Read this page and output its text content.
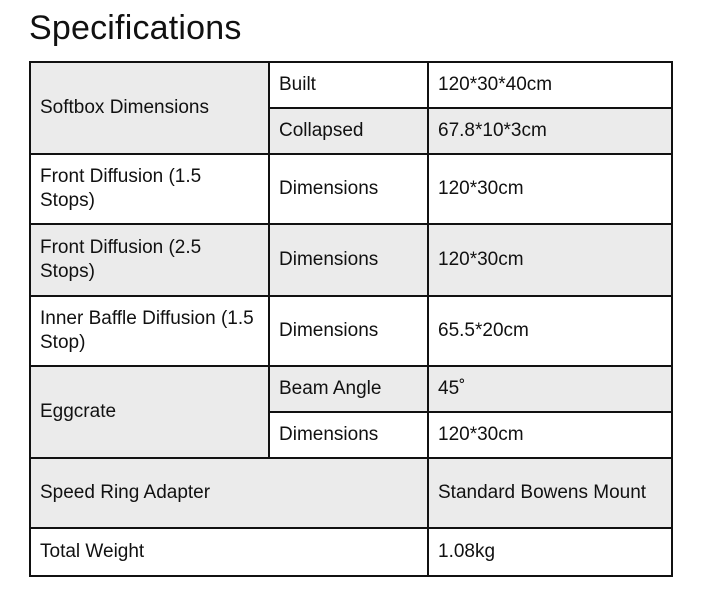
Specifications
Softbox Dimensions	Built	120*30*40cm
	Collapsed	67.8*10*3cm
Front Diffusion (1.5 Stops)	Dimensions	120*30cm
Front Diffusion (2.5 Stops)	Dimensions	120*30cm
Inner Baffle Diffusion (1.5 Stop)	Dimensions	65.5*20cm
Eggcrate	Beam Angle	45˚
	Dimensions	120*30cm
Speed Ring Adapter		Standard Bowens Mount
Total Weight		1.08kg
